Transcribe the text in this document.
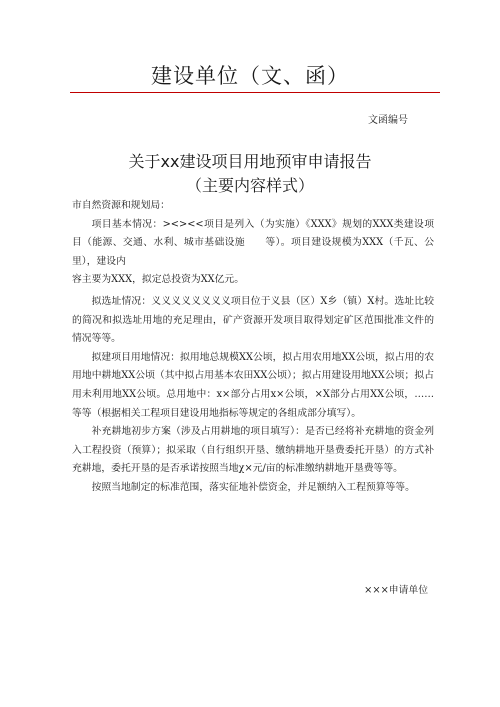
建设单位（文、函）
文函编号
关于xx建设项目用地预审申请报告
（主要内容样式）

市自然资源和规划局：

项目基本情况：><><<项目是列入（为实施）《XXX》规划的XXX类建设项目（能源、交通、水利、城市基础设施　　等）。项目建设规模为XXX（千瓦、公里），建设内

容主要为XXX，拟定总投资为XX亿元。

拟选址情况：义义义义义义义义项目位于义县（区）X乡（镇）X村。选址比较的简况和拟选址用地的充足理由，矿产资源开发项目取得划定矿区范围批准文件的情况等等。

拟建项目用地情况：拟用地总规模XX公顷，拟占用农用地XX公顷，拟占用的农用地中耕地XX公顷（其中拟占用基本农田XX公顷）；拟占用建设用地XX公顷；拟占用未利用地XX公顷。总用地中：x×部分占用x×公顷，×X部分占用XX公顷，……等等（根据相关工程项目建设用地指标等规定的各组成部分填写）。

补充耕地初步方案（涉及占用耕地的项目填写）：是否已经将补充耕地的资金列入工程投资（预算）；拟采取（自行组织开垦、缴纳耕地开垦费委托开垦）的方式补充耕地，委托开垦的是否承诺按照当地χ×元/亩的标准缴纳耕地开垦费等等。

按照当地制定的标准范围，落实征地补偿资金，并足额纳入工程预算等等。

×××申请单位
